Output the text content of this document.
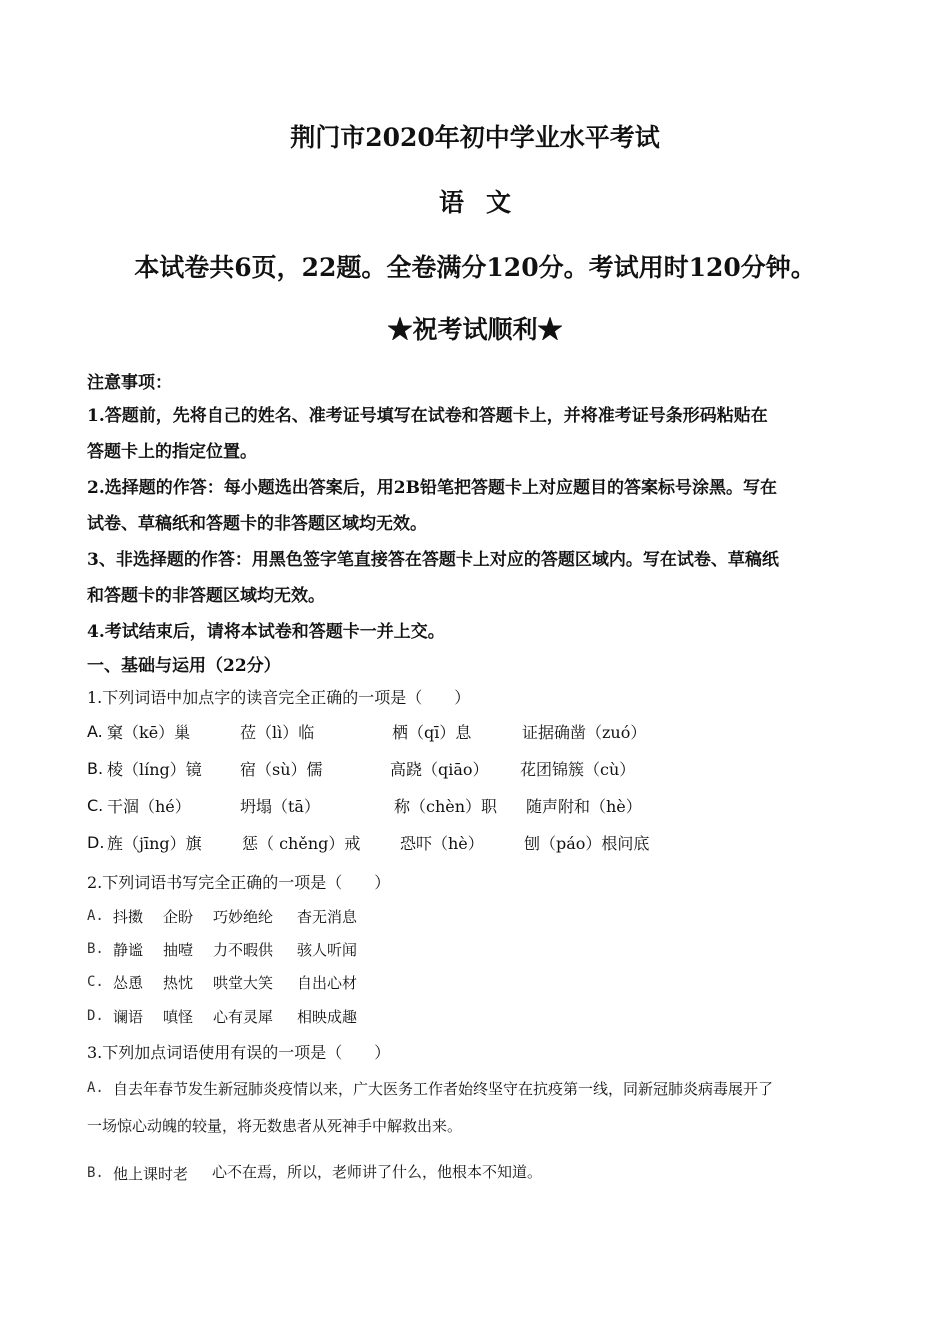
荆门市2020年初中学业水平考试
语文
本试卷共6页，22题。全卷满分120分。考试用时120分钟。
★祝考试顺利★
注意事项：
1.答题前，先将自己的姓名、准考证号填写在试卷和答题卡上，并将准考证号条形码粘贴在
答题卡上的指定位置。
2.选择题的作答：每小题选出答案后，用2B铅笔把答题卡上对应题目的答案标号涂黑。写在
试卷、草稿纸和答题卡的非答题区域均无效。
3、非选择题的作答：用黑色签字笔直接答在答题卡上对应的答题区域内。写在试卷、草稿纸
和答题卡的非答题区域均无效。
4.考试结束后，请将本试卷和答题卡一并上交。
一、基础与运用（22分）
1.下列词语中加点字的读音完全正确的一项是（　　）
A. 窠（kē）巢	莅（lì）临	栖（qī）息	证据确凿（zuó）
B. 棱（líng）镜 宿（sù）儒	高跷（qiāo） 花团锦簇（cù）
C. 干涸（hé）	坍塌（tā）	称（chèn）职 随声附和（hè）
D. 旌（jīng）旗	惩（ chěng）戒 恐吓（hè）	刨（páo）根问底
2.下列词语书写完全正确的一项是（　　）
A. 抖擞 企盼 巧妙绝纶 杳无消息
B. 静谧 抽噎 力不暇供 骇人听闻
C. 怂恿 热忱 哄堂大笑 自出心材
D. 谰语 嗔怪 心有灵犀 相映成趣
3.下列加点词语使用有误的一项是（　　）
A. 自去年春节发生新冠肺炎疫情以来，广大医务工作者始终坚守在抗疫第一线，同新冠肺炎病毒展开了
一场惊心动魄的较量，将无数患者从死神手中解救出来。
B. 他上课时老 心不在焉，所以，老师讲了什么，他根本不知道。
